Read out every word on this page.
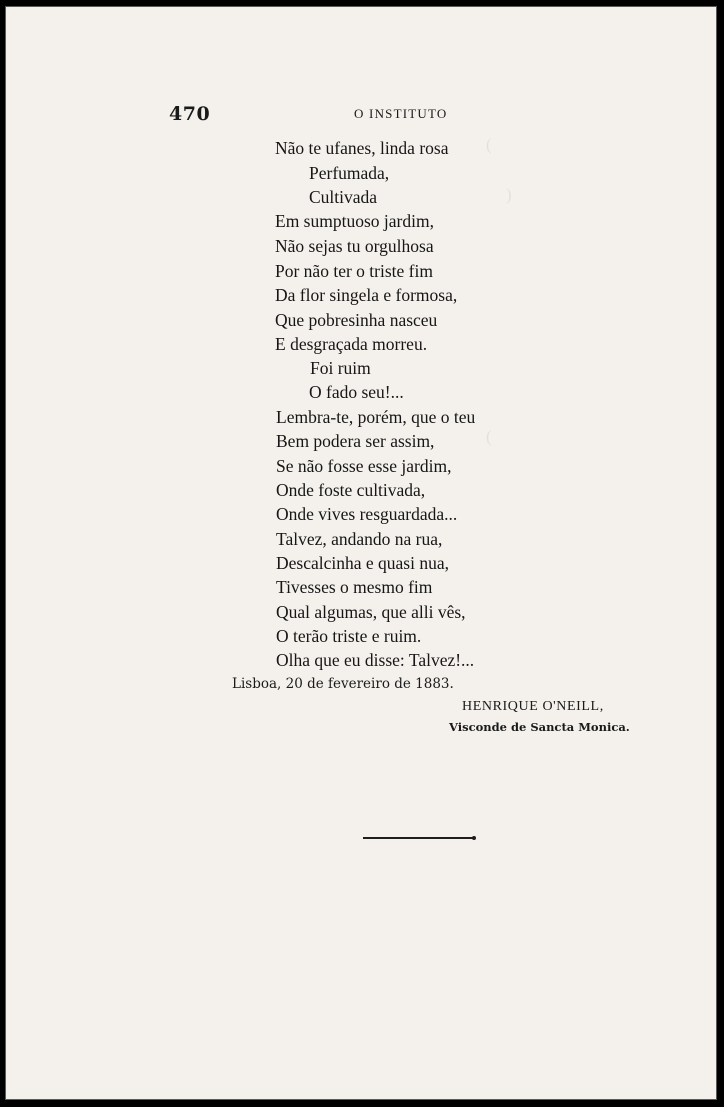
(
)
(
470	O INSTITUTO
Não te ufanes, linda rosa
Perfumada,
Cultivada
Em sumptuoso jardim,
Não sejas tu orgulhosa
Por não ter o triste fim
Da flor singela e formosa,
Que pobresinha nasceu
E desgraçada morreu.
Foi ruim
O fado seu!...
Lembra-te, porém, que o teu
Bem podera ser assim,
Se não fosse esse jardim,
Onde foste cultivada,
Onde vives resguardada...
Talvez, andando na rua,
Descalcinha e quasi nua,
Tivesses o mesmo fim
Qual algumas, que alli vês,
O terão triste e ruim.
Olha que eu disse: Talvez!...
Lisboa, 20 de fevereiro de 1883.
HENRIQUE O'NEILL,
Visconde de Sancta Monica.
